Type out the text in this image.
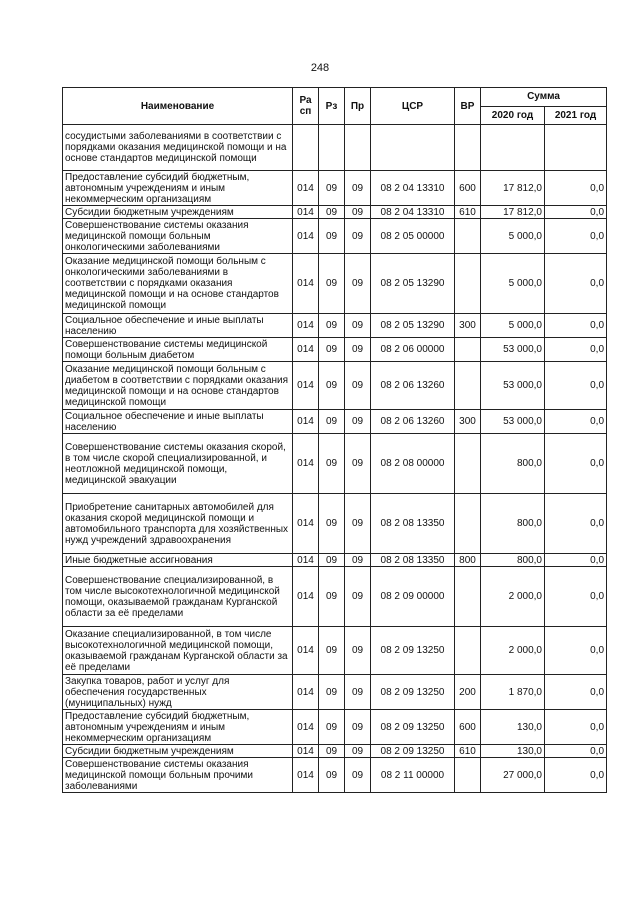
248
Наименование	Ра сп	Рз	Пр	ЦСР	ВР	Сумма	
						2020 год	2021 год
сосудистыми заболеваниями в соответствии с порядками оказания медицинской помощи и на основе стандартов медицинской помощи							
Предоставление субсидий бюджетным, автономным учреждениям и иным некоммерческим организациям	014	09	09	08 2 04 13310	600	17 812,0	0,0
Субсидии бюджетным учреждениям	014	09	09	08 2 04 13310	610	17 812,0	0,0
Совершенствование системы оказания медицинской помощи больным онкологическими заболеваниями	014	09	09	08 2 05 00000		5 000,0	0,0
Оказание медицинской помощи больным с онкологическими заболеваниями в соответствии с порядками оказания медицинской помощи и на основе стандартов медицинской помощи	014	09	09	08 2 05 13290		5 000,0	0,0
Социальное обеспечение и иные выплаты населению	014	09	09	08 2 05 13290	300	5 000,0	0,0
Совершенствование системы медицинской помощи больным диабетом	014	09	09	08 2 06 00000		53 000,0	0,0
Оказание медицинской помощи больным с диабетом в соответствии с порядками оказания медицинской помощи и на основе стандартов медицинской помощи	014	09	09	08 2 06 13260		53 000,0	0,0
Социальное обеспечение и иные выплаты населению	014	09	09	08 2 06 13260	300	53 000,0	0,0
Совершенствование системы оказания скорой, в том числе скорой специализированной, и неотложной медицинской помощи, медицинской эвакуации	014	09	09	08 2 08 00000		800,0	0,0
Приобретение санитарных автомобилей для оказания скорой медицинской помощи и автомобильного транспорта для хозяйственных нужд учреждений здравоохранения	014	09	09	08 2 08 13350		800,0	0,0
Иные бюджетные ассигнования	014	09	09	08 2 08 13350	800	800,0	0,0
Совершенствование специализированной, в том числе высокотехнологичной медицинской помощи, оказываемой гражданам Курганской области за её пределами	014	09	09	08 2 09 00000		2 000,0	0,0
Оказание специализированной, в том числе высокотехнологичной медицинской помощи, оказываемой гражданам Курганской области за её пределами	014	09	09	08 2 09 13250		2 000,0	0,0
Закупка товаров, работ и услуг для обеспечения государственных (муниципальных) нужд	014	09	09	08 2 09 13250	200	1 870,0	0,0
Предоставление субсидий бюджетным, автономным учреждениям и иным некоммерческим организациям	014	09	09	08 2 09 13250	600	130,0	0,0
Субсидии бюджетным учреждениям	014	09	09	08 2 09 13250	610	130,0	0,0
Совершенствование системы оказания медицинской помощи больным прочими заболеваниями	014	09	09	08 2 11 00000		27 000,0	0,0
